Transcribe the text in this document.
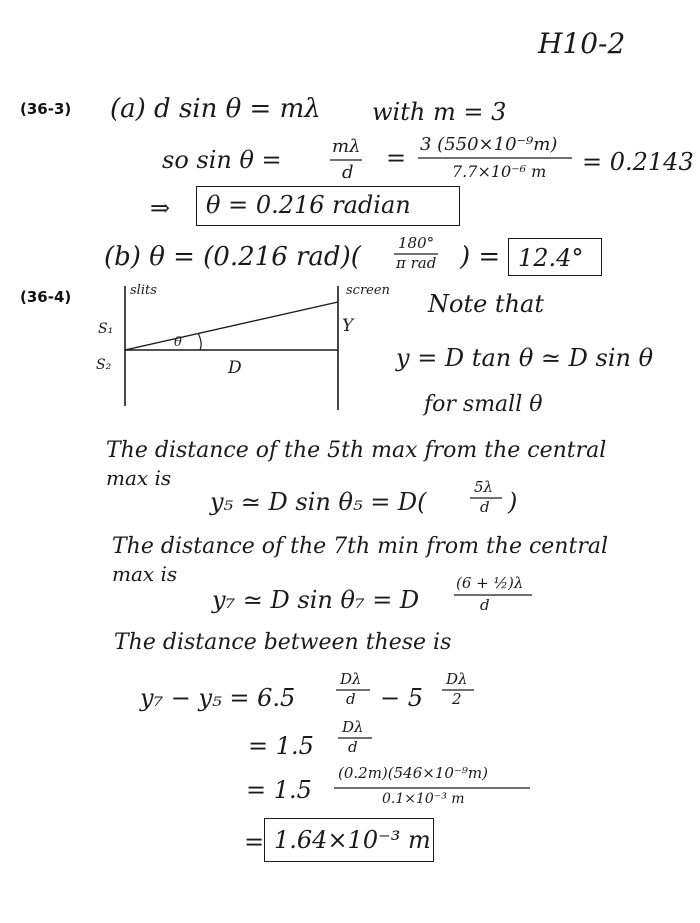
H10-2
(36-3) (a) d sin θ = mλ with m = 3
so sin θ =	mλ
d
= 3 (550×10⁻⁹m)
7.7×10⁻⁶ m = 0.2143
⇒ θ = 0.216 radian
(b) θ = (0.216 rad)( 180°
π rad ) = 12.4°
(36-4)	slits	screen
S₁
S₂
θ
D
Y
Note that
y = D tan θ ≃ D sin θ
for small θ
The distance of the 5th max from the central
max is
y₅ ≃ D sin θ₅ = D(
5λ
d )
The distance of the 7th min from the central
max is
y₇ ≃ D sin θ₇ = D
(6 + ½)λ
d
The distance between these is
y₇ − y₅ = 6.5
Dλ
d − 5
Dλ
2
= 1.5
Dλ
d
= 1.5
(0.2m)(546×10⁻⁹m)
0.1×10⁻³ m
= 1.64×10⁻³ m
